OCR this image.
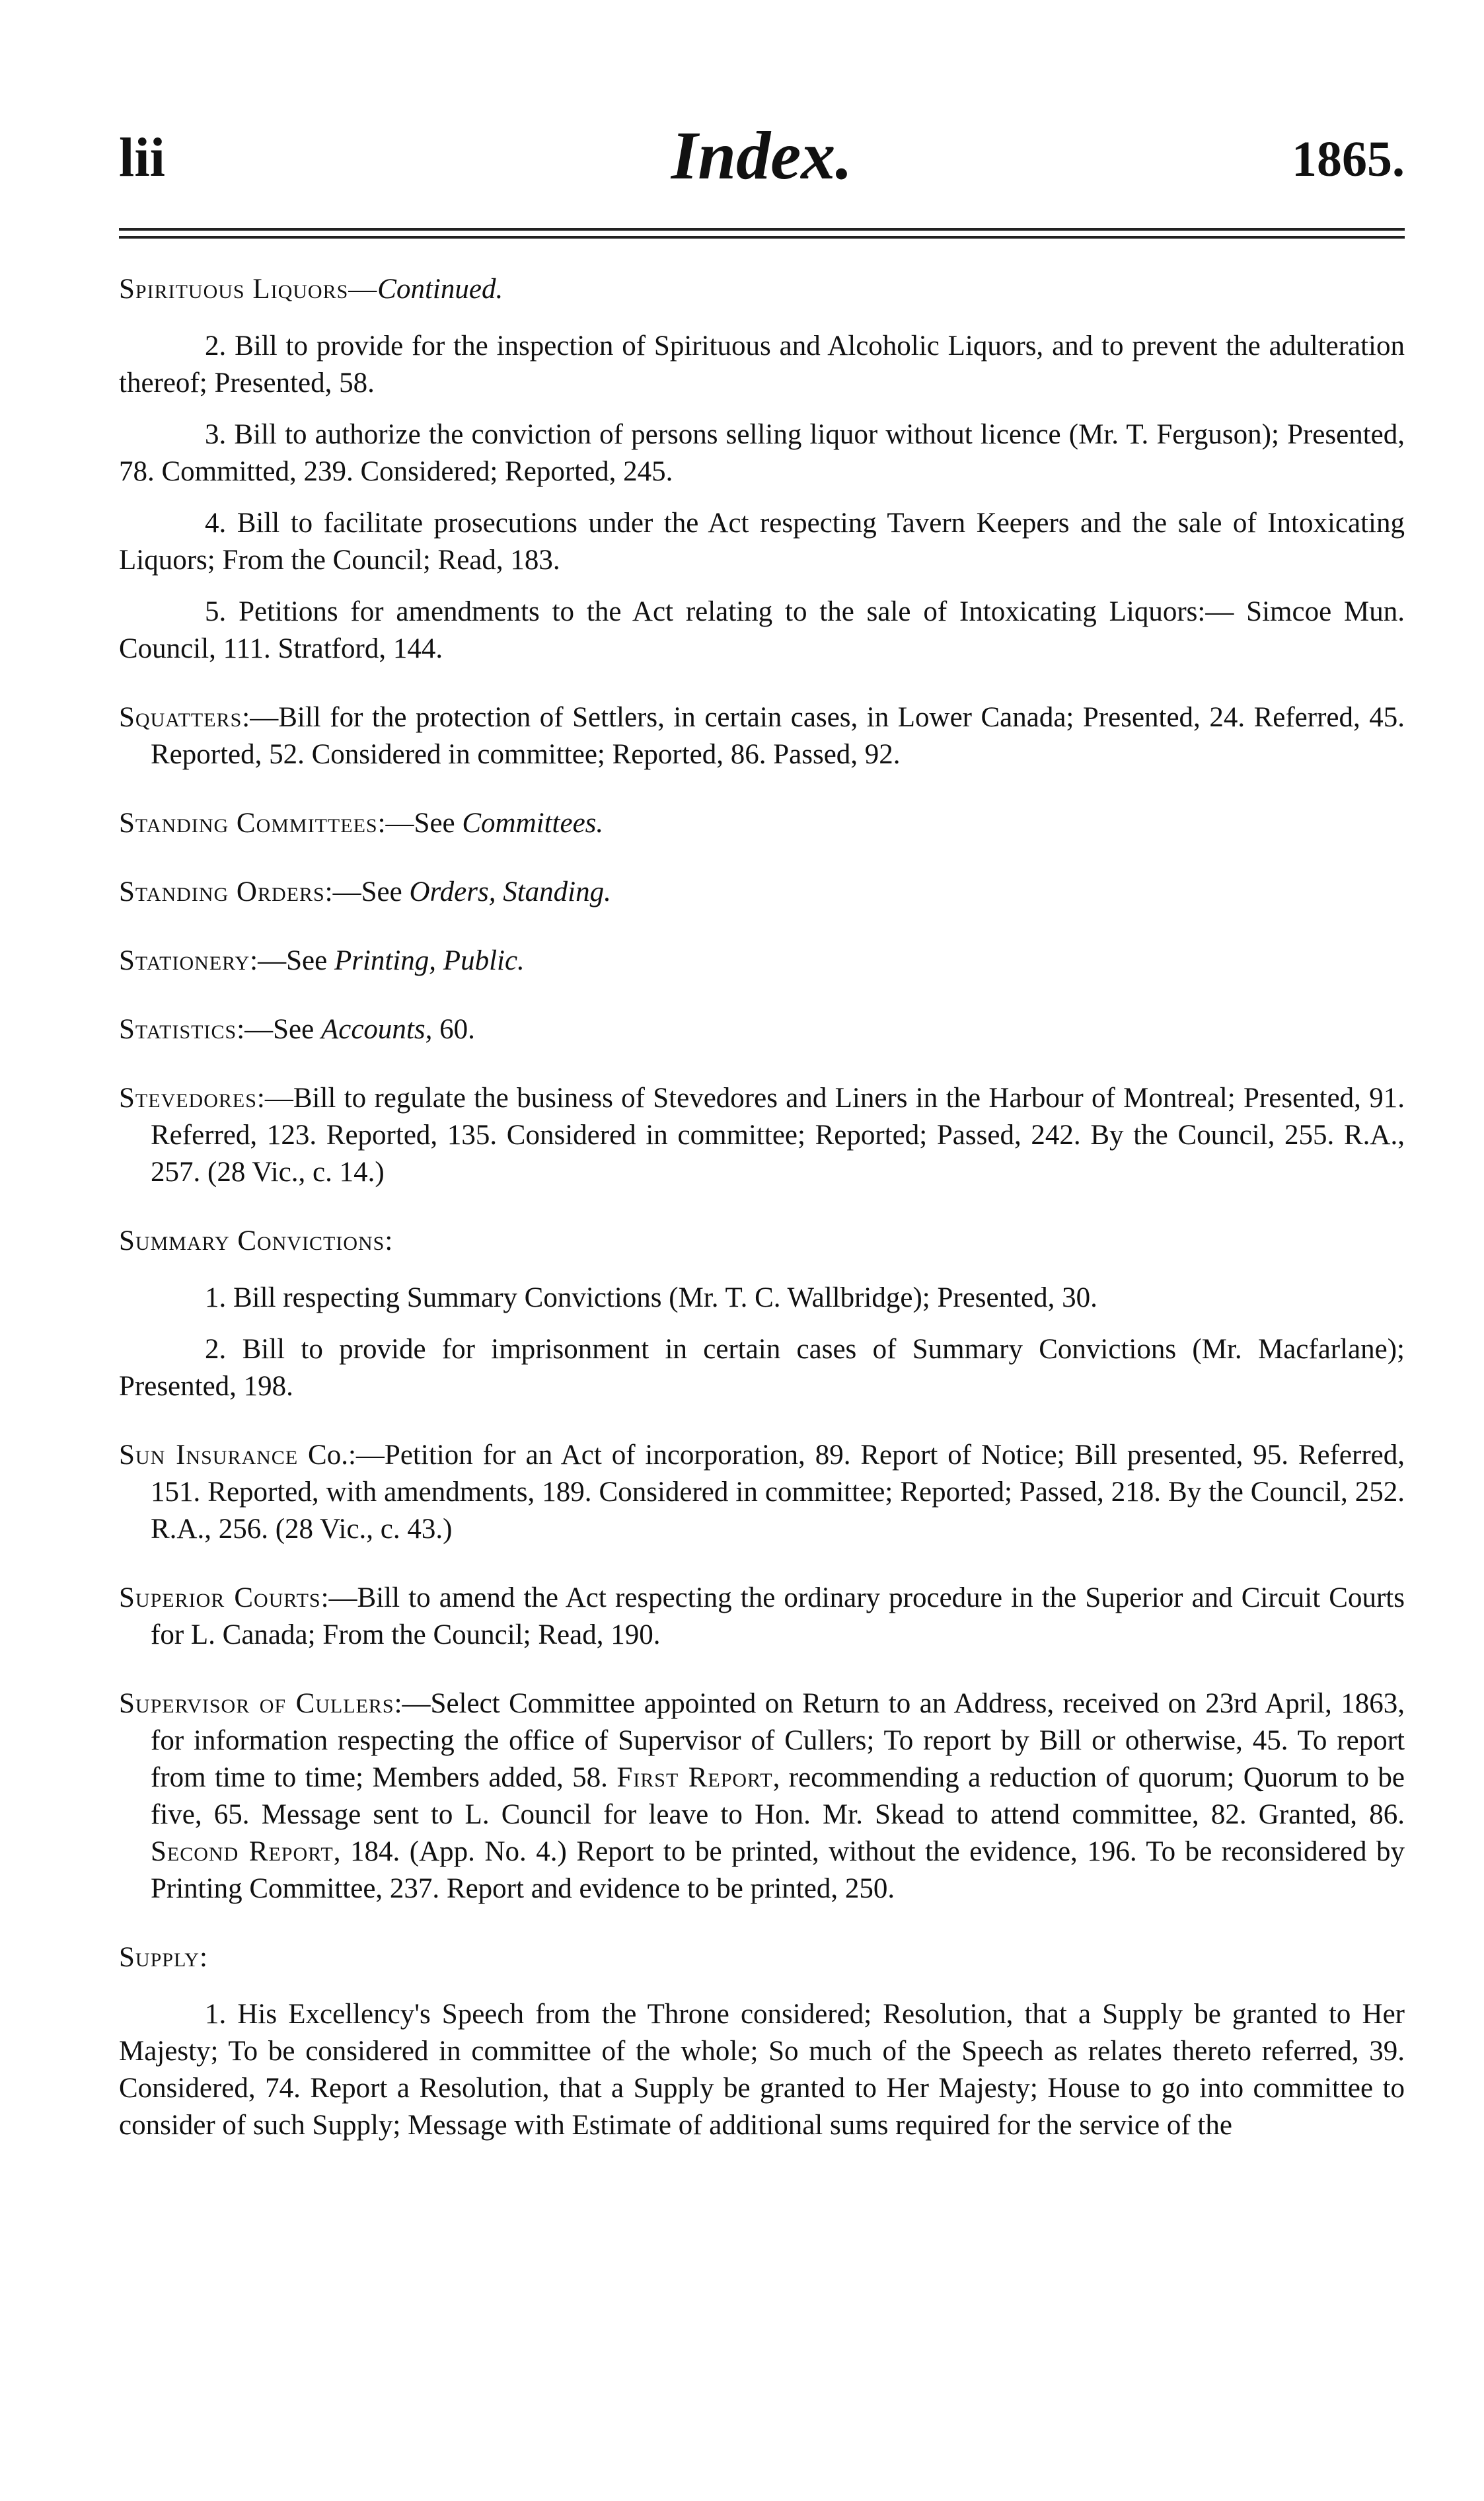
lii	Index.	1865.
Spirituous Liquors—Continued.
2. Bill to provide for the inspection of Spirituous and Alcoholic Liquors, and to prevent the adulteration thereof; Presented, 58.
3. Bill to authorize the conviction of persons selling liquor without licence (Mr. T. Ferguson); Presented, 78. Committed, 239. Considered; Reported, 245.
4. Bill to facilitate prosecutions under the Act respecting Tavern Keepers and the sale of Intoxicating Liquors; From the Council; Read, 183.
5. Petitions for amendments to the Act relating to the sale of Intoxicating Liquors:— Simcoe Mun. Council, 111. Stratford, 144.
Squatters:—Bill for the protection of Settlers, in certain cases, in Lower Canada; Presented, 24. Referred, 45. Reported, 52. Considered in committee; Reported, 86. Passed, 92.
Standing Committees:—See Committees.
Standing Orders:—See Orders, Standing.
Stationery:—See Printing, Public.
Statistics:—See Accounts, 60.
Stevedores:—Bill to regulate the business of Stevedores and Liners in the Harbour of Montreal; Presented, 91. Referred, 123. Reported, 135. Considered in committee; Reported; Passed, 242. By the Council, 255. R.A., 257. (28 Vic., c. 14.)
Summary Convictions:
1. Bill respecting Summary Convictions (Mr. T. C. Wallbridge); Presented, 30.
2. Bill to provide for imprisonment in certain cases of Summary Convictions (Mr. Macfarlane); Presented, 198.
Sun Insurance Co.:—Petition for an Act of incorporation, 89. Report of Notice; Bill presented, 95. Referred, 151. Reported, with amendments, 189. Considered in committee; Reported; Passed, 218. By the Council, 252. R.A., 256. (28 Vic., c. 43.)
Superior Courts:—Bill to amend the Act respecting the ordinary procedure in the Superior and Circuit Courts for L. Canada; From the Council; Read, 190.
Supervisor of Cullers:—Select Committee appointed on Return to an Address, received on 23rd April, 1863, for information respecting the office of Supervisor of Cullers; To report by Bill or otherwise, 45. To report from time to time; Members added, 58. First Report, recommending a reduction of quorum; Quorum to be five, 65. Message sent to L. Council for leave to Hon. Mr. Skead to attend committee, 82. Granted, 86. Second Report, 184. (App. No. 4.) Report to be printed, without the evidence, 196. To be reconsidered by Printing Committee, 237. Report and evidence to be printed, 250.
Supply:
1. His Excellency's Speech from the Throne considered; Resolution, that a Supply be granted to Her Majesty; To be considered in committee of the whole; So much of the Speech as relates thereto referred, 39. Considered, 74. Report a Resolution, that a Supply be granted to Her Majesty; House to go into committee to consider of such Supply; Message with Estimate of additional sums required for the service of the
